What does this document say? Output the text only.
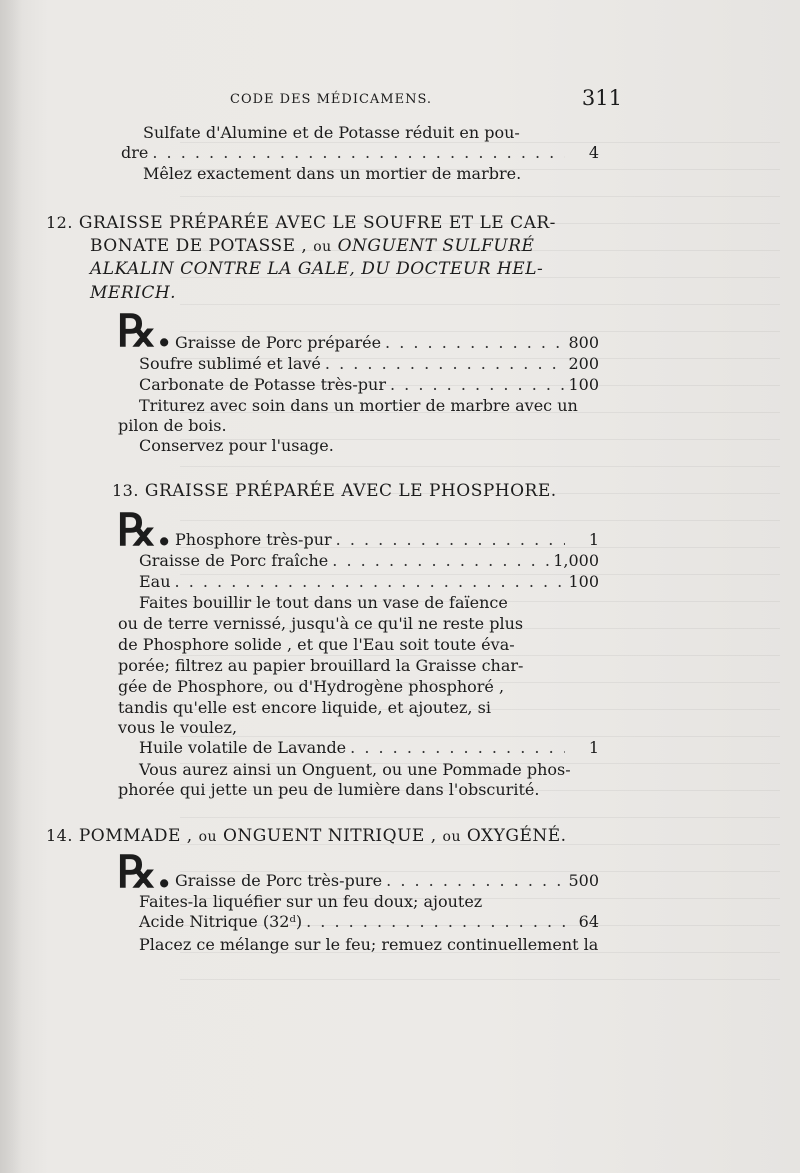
CODE DES MÉDICAMENS.	311
Sulfate d'Alumine et de Potasse réduit en pou-
dre . . .	4
Mêlez exactement dans un mortier de marbre.
12. GRAISSE PRÉPARÉE AVEC LE SOUFRE ET LE CAR-
BONATE DE POTASSE , ou ONGUENT SULFURÉ
ALKALIN CONTRE LA GALE, DU DOCTEUR HEL-
MERICH.
℞. Graisse de Porc préparée . . .	800
Soufre sublimé et lavé . . .	200
Carbonate de Potasse très-pur . . .	100
Triturez avec soin dans un mortier de marbre avec un
pilon de bois.
Conservez pour l'usage.
13. GRAISSE PRÉPARÉE AVEC LE PHOSPHORE.
℞. Phosphore très-pur . . .	1
Graisse de Porc fraîche . . .	1,000
Eau . . .	100
Faites bouillir le tout dans un vase de faïence
ou de terre vernissé, jusqu'à ce qu'il ne reste plus
de Phosphore solide , et que l'Eau soit toute éva-
porée; filtrez au papier brouillard la Graisse char-
gée de Phosphore, ou d'Hydrogène phosphoré ,
tandis qu'elle est encore liquide, et ajoutez, si
vous le voulez,
Huile volatile de Lavande . . .	1
Vous aurez ainsi un Onguent, ou une Pommade phos-
phorée qui jette un peu de lumière dans l'obscurité.
14. POMMADE , ou ONGUENT NITRIQUE , ou OXYGÉNÉ.
℞. Graisse de Porc très-pure . . .	500
Faites-la liquéfier sur un feu doux; ajoutez
Acide Nitrique (32ᵈ) . . .	64
Placez ce mélange sur le feu; remuez continuellement la
